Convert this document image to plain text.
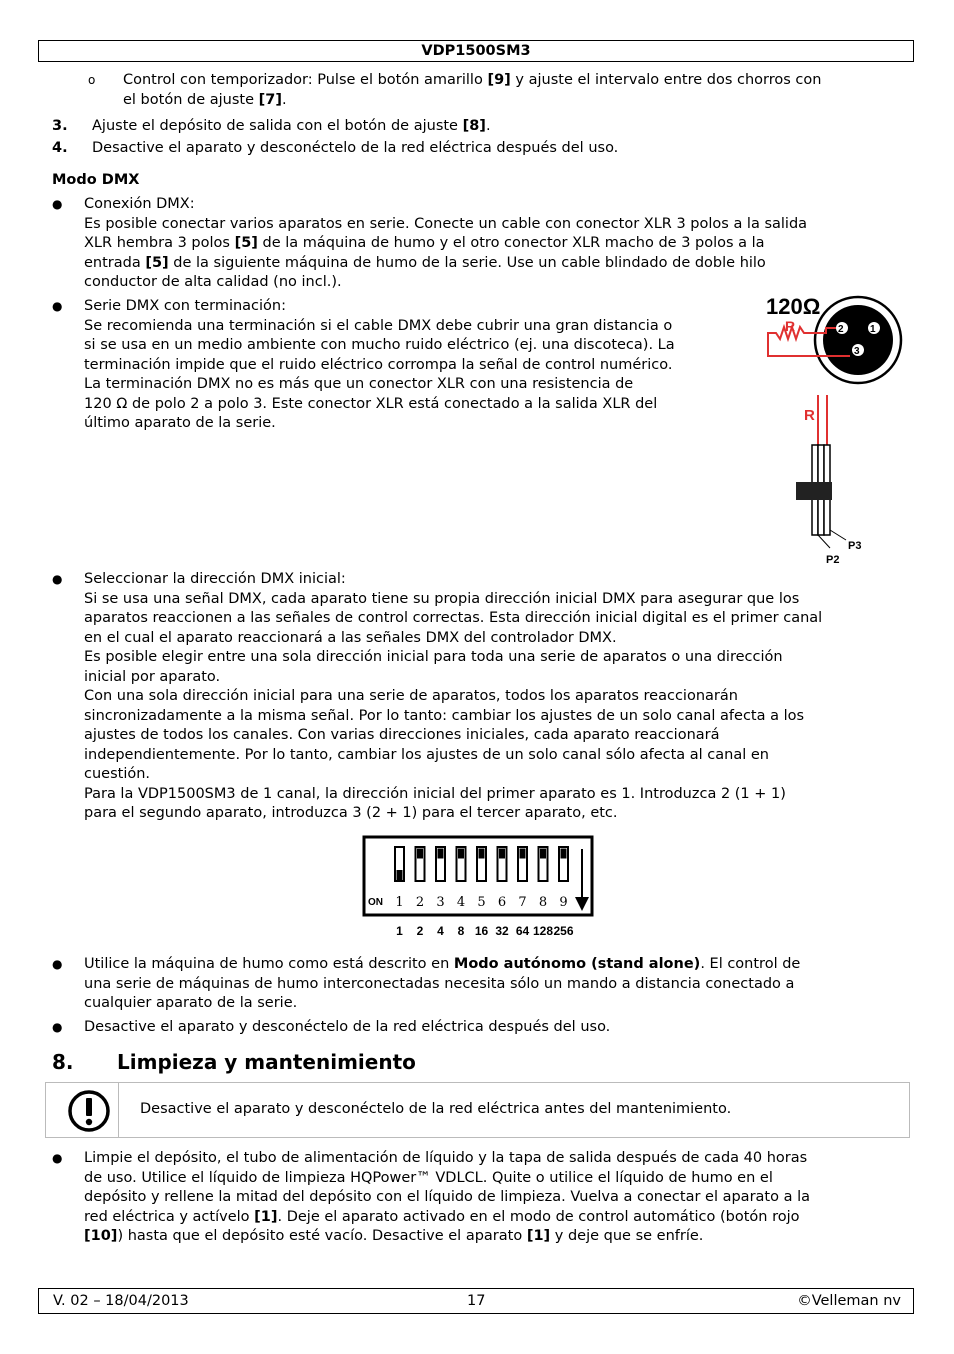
VDP1500SM3
o Control con temporizador: Pulse el botón amarillo [9] y ajuste el intervalo entre dos chorros con
el botón de ajuste [7].
3. Ajuste el depósito de salida con el botón de ajuste [8].
4. Desactive el aparato y desconéctelo de la red eléctrica después del uso.
Modo DMX
● Conexión DMX:
Es posible conectar varios aparatos en serie. Conecte un cable con conector XLR 3 polos a la salida
XLR hembra 3 polos [5] de la máquina de humo y el otro conector XLR macho de 3 polos a la
entrada [5] de la siguiente máquina de humo de la serie. Use un cable blindado de doble hilo
conductor de alta calidad (no incl.).
● Serie DMX con terminación:
Se recomienda una terminación si el cable DMX debe cubrir una gran distancia o
si se usa en un medio ambiente con mucho ruido eléctrico (ej. una discoteca). La
terminación impide que el ruido eléctrico corrompa la señal de control numérico.
La terminación DMX no es más que un conector XLR con una resistencia de
120 Ω de polo 2 a polo 3. Este conector XLR está conectado a la salida XLR del
último aparato de la serie.
120Ω
R	2	1
3
R
P2
P3
● Seleccionar la dirección DMX inicial:
Si se usa una señal DMX, cada aparato tiene su propia dirección inicial DMX para asegurar que los
aparatos reaccionen a las señales de control correctas. Esta dirección inicial digital es el primer canal
en el cual el aparato reaccionará a las señales DMX del controlador DMX.
Es posible elegir entre una sola dirección inicial para toda una serie de aparatos o una dirección
inicial por aparato.
Con una sola dirección inicial para una serie de aparatos, todos los aparatos reaccionarán
sincronizadamente a la misma señal. Por lo tanto: cambiar los ajustes de un solo canal afecta a los
ajustes de todos los canales. Con varias direcciones iniciales, cada aparato reaccionará
independientemente. Por lo tanto, cambiar los ajustes de un solo canal sólo afecta al canal en
cuestión.
Para la VDP1500SM3 de 1 canal, la dirección inicial del primer aparato es 1. Introduzca 2 (1 + 1)
para el segundo aparato, introduzca 3 (2 + 1) para el tercer aparato, etc.
ON 1 2 3 4 5 6 7 8 9
1 2 4 8 16 32 64 128 256
● Utilice la máquina de humo como está descrito en Modo autónomo (stand alone). El control de
una serie de máquinas de humo interconectadas necesita sólo un mando a distancia conectado a
cualquier aparato de la serie.
● Desactive el aparato y desconéctelo de la red eléctrica después del uso.
8. Limpieza y mantenimiento
Desactive el aparato y desconéctelo de la red eléctrica antes del mantenimiento.
● Limpie el depósito, el tubo de alimentación de líquido y la tapa de salida después de cada 40 horas
de uso. Utilice el líquido de limpieza HQPower™ VDLCL. Quite o utilice el líquido de humo en el
depósito y rellene la mitad del depósito con el líquido de limpieza. Vuelva a conectar el aparato a la
red eléctrica y actívelo [1]. Deje el aparato activado en el modo de control automático (botón rojo
[10]) hasta que el depósito esté vacío. Desactive el aparato [1] y deje que se enfríe.
V. 02 – 18/04/2013	17	©Velleman nv
